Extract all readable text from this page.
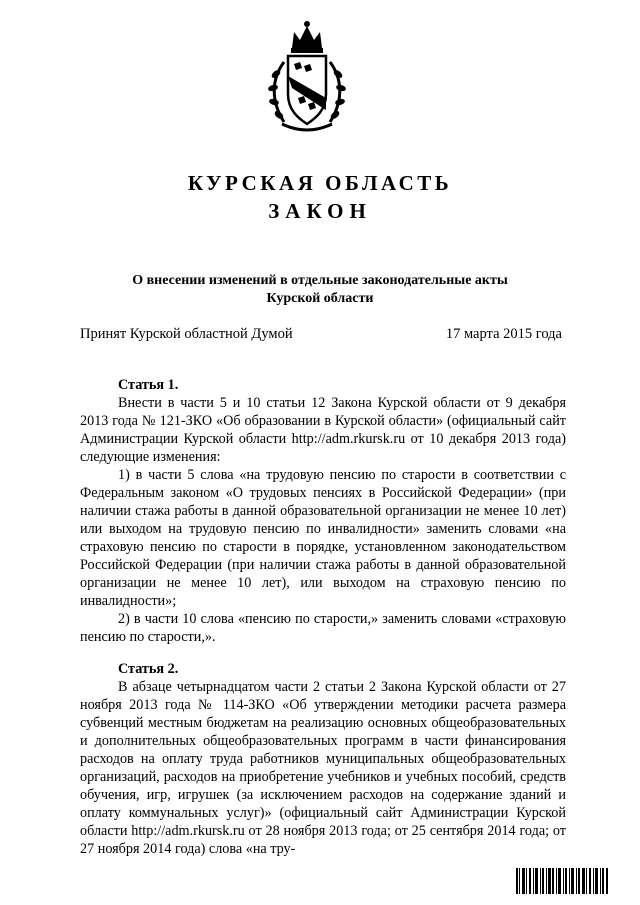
КУРСКАЯ ОБЛАСТЬ
ЗАКОН
О внесении изменений в отдельные законодательные акты
Курской области
Принят Курской областной Думой	17 марта 2015 года

Статья 1.

Внести в части 5 и 10 статьи 12 Закона Курской области от 9 декабря 2013 года № 121-ЗКО «Об образовании в Курской области» (официальный сайт Администрации Курской области http://adm.rkursk.ru от 10 декабря 2013 года) следующие изменения:

1) в части 5 слова «на трудовую пенсию по старости в соответствии с Федеральным законом «О трудовых пенсиях в Российской Федерации» (при наличии стажа работы в данной образовательной организации не менее 10 лет) или выходом на трудовую пенсию по инвалидности» заменить словами «на страховую пенсию по старости в порядке, установленном законодательством Российской Федерации (при наличии стажа работы в данной образовательной организации не менее 10 лет), или выходом на страховую пенсию по инвалидности»;

2) в части 10 слова «пенсию по старости,» заменить словами «страховую пенсию по старости,».

Статья 2.

В абзаце четырнадцатом части 2 статьи 2 Закона Курской области от 27 ноября 2013 года № 114-ЗКО «Об утверждении методики расчета размера субвенций местным бюджетам на реализацию основных общеобразовательных и дополнительных общеобразовательных программ в части финансирования расходов на оплату труда работников муниципальных общеобразовательных организаций, расходов на приобретение учебников и учебных пособий, средств обучения, игр, игрушек (за исключением расходов на содержание зданий и оплату коммунальных услуг)» (официальный сайт Администрации Курской области http://adm.rkursk.ru от 28 ноября 2013 года; от 25 сентября 2014 года; от 27 ноября 2014 года) слова «на тру-
